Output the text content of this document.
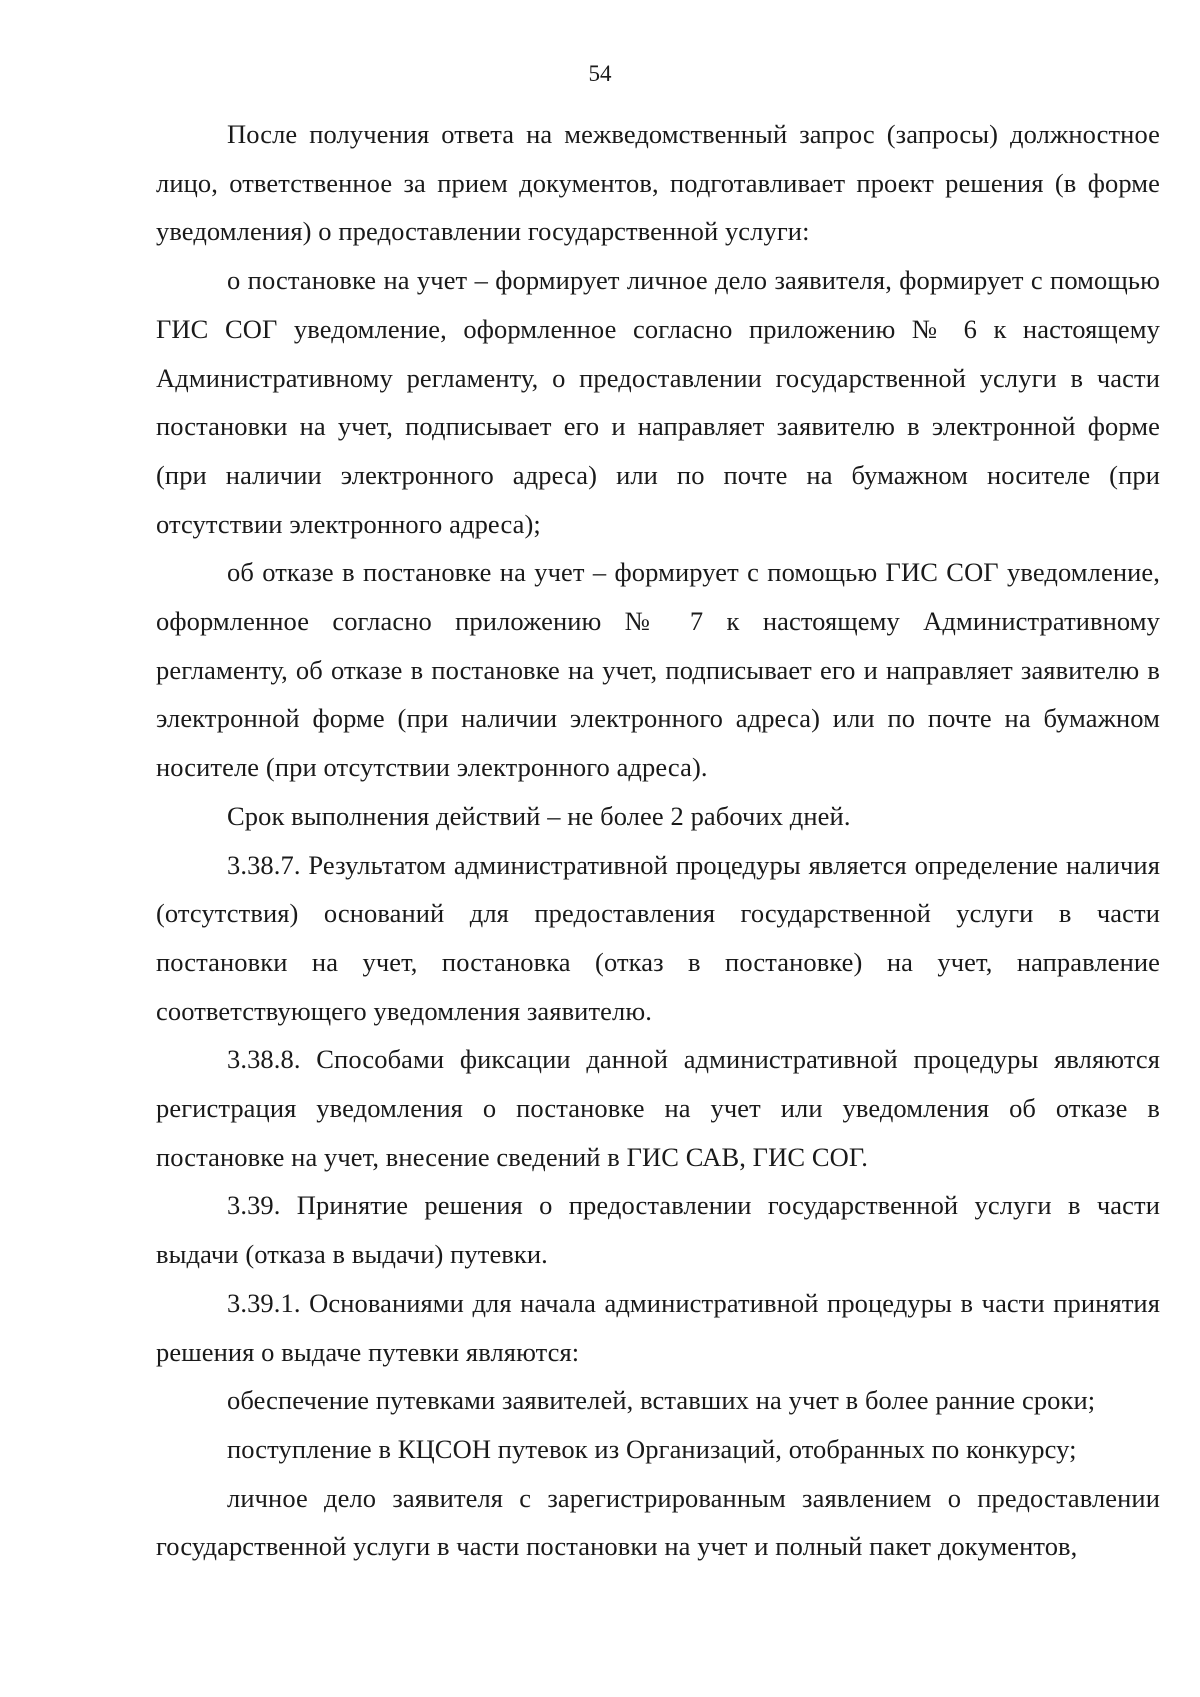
54

После получения ответа на межведомственный запрос (запросы) должностное лицо, ответственное за прием документов, подготавливает проект решения (в форме уведомления) о предоставлении государственной услуги:

о постановке на учет – формирует личное дело заявителя, формирует с помощью ГИС СОГ уведомление, оформленное согласно приложению № 6 к настоящему Административному регламенту, о предоставлении государственной услуги в части постановки на учет, подписывает его и направляет заявителю в электронной форме (при наличии электронного адреса) или по почте на бумажном носителе (при отсутствии электронного адреса);

об отказе в постановке на учет – формирует с помощью ГИС СОГ уведомление, оформленное согласно приложению № 7 к настоящему Административному регламенту, об отказе в постановке на учет, подписывает его и направляет заявителю в электронной форме (при наличии электронного адреса) или по почте на бумажном носителе (при отсутствии электронного адреса).

Срок выполнения действий – не более 2 рабочих дней.

3.38.7. Результатом административной процедуры является определение наличия (отсутствия) оснований для предоставления государственной услуги в части постановки на учет, постановка (отказ в постановке) на учет, направление соответствующего уведомления заявителю.

3.38.8. Способами фиксации данной административной процедуры являются регистрация уведомления о постановке на учет или уведомления об отказе в постановке на учет, внесение сведений в ГИС САВ, ГИС СОГ.

3.39. Принятие решения о предоставлении государственной услуги в части выдачи (отказа в выдачи) путевки.

3.39.1. Основаниями для начала административной процедуры в части принятия решения о выдаче путевки являются:

обеспечение путевками заявителей, вставших на учет в более ранние сроки;

поступление в КЦСОН путевок из Организаций, отобранных по конкурсу;

личное дело заявителя с зарегистрированным заявлением о предоставлении государственной услуги в части постановки на учет и полный пакет документов,
